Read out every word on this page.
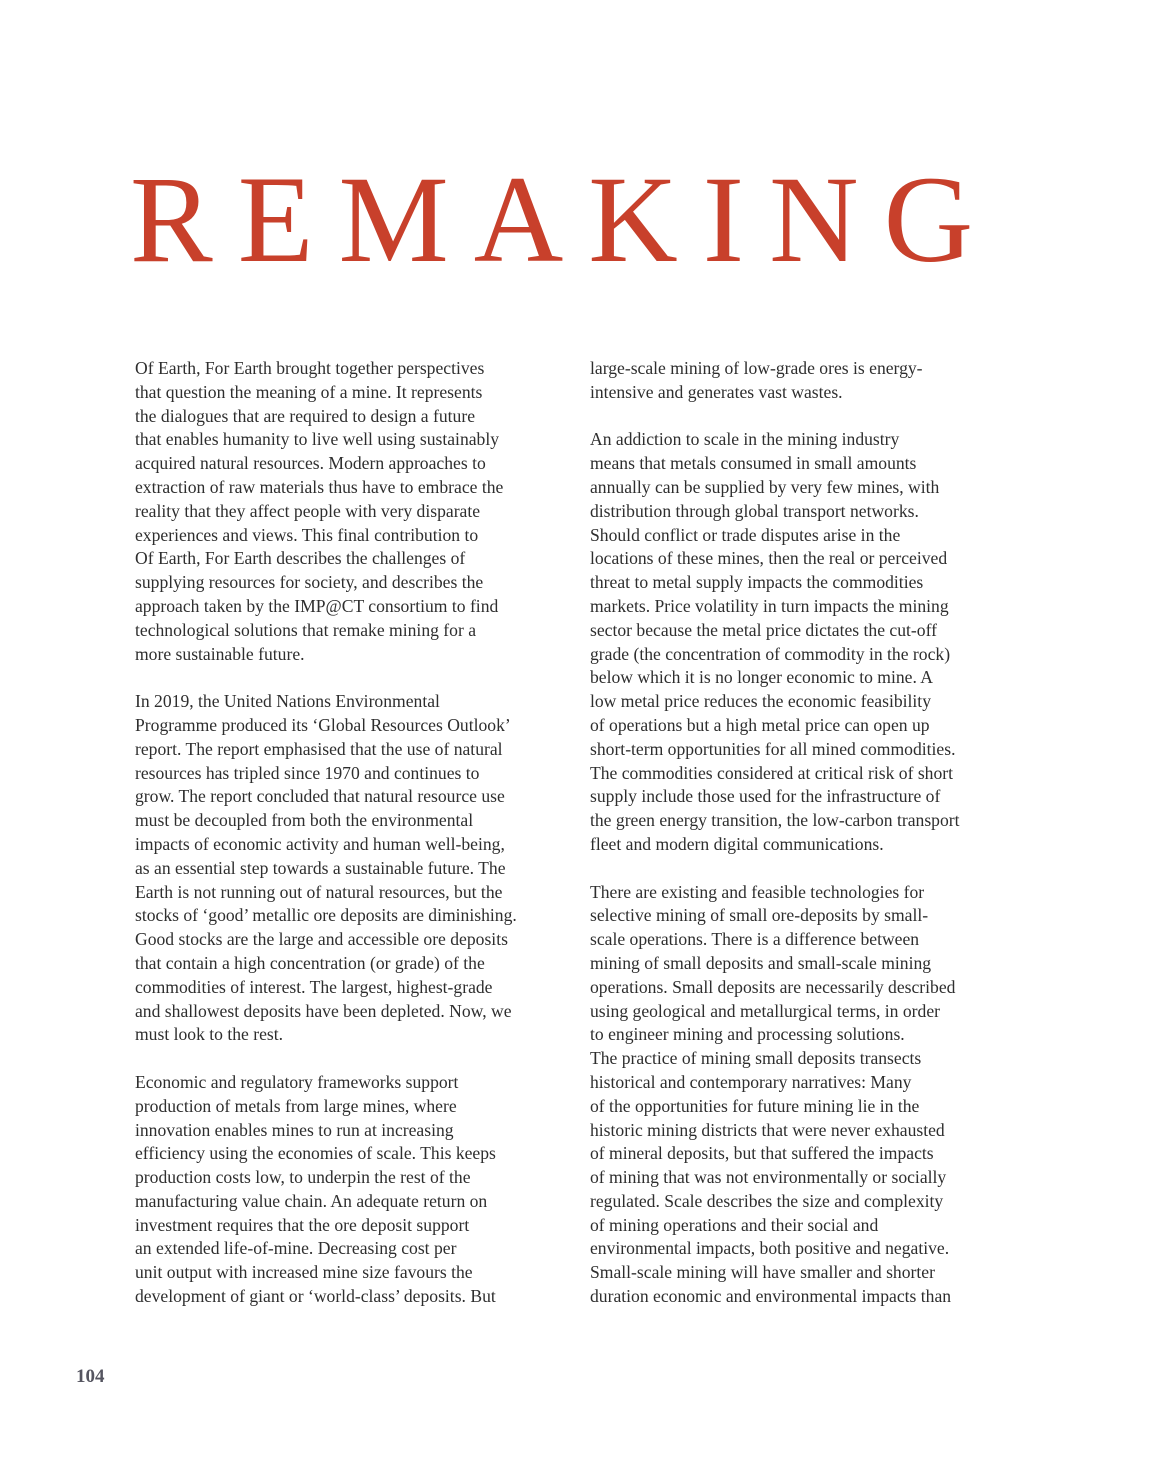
REMAKING

Of Earth, For Earth brought together perspectives
that question the meaning of a mine. It represents
the dialogues that are required to design a future
that enables humanity to live well using sustainably
acquired natural resources. Modern approaches to
extraction of raw materials thus have to embrace the
reality that they affect people with very disparate
experiences and views. This final contribution to
Of Earth, For Earth describes the challenges of
supplying resources for society, and describes the
approach taken by the IMP@CT consortium to find
technological solutions that remake mining for a
more sustainable future.

In 2019, the United Nations Environmental
Programme produced its ‘Global Resources Outlook’
report. The report emphasised that the use of natural
resources has tripled since 1970 and continues to
grow. The report concluded that natural resource use
must be decoupled from both the environmental
impacts of economic activity and human well-being,
as an essential step towards a sustainable future. The
Earth is not running out of natural resources, but the
stocks of ‘good’ metallic ore deposits are diminishing.
Good stocks are the large and accessible ore deposits
that contain a high concentration (or grade) of the
commodities of interest. The largest, highest-grade
and shallowest deposits have been depleted. Now, we
must look to the rest.

Economic and regulatory frameworks support
production of metals from large mines, where
innovation enables mines to run at increasing
efficiency using the economies of scale. This keeps
production costs low, to underpin the rest of the
manufacturing value chain. An adequate return on
investment requires that the ore deposit support
an extended life-of-mine. Decreasing cost per
unit output with increased mine size favours the
development of giant or ‘world-class’ deposits. But

large-scale mining of low-grade ores is energy-
intensive and generates vast wastes.

An addiction to scale in the mining industry
means that metals consumed in small amounts
annually can be supplied by very few mines, with
distribution through global transport networks.
Should conflict or trade disputes arise in the
locations of these mines, then the real or perceived
threat to metal supply impacts the commodities
markets. Price volatility in turn impacts the mining
sector because the metal price dictates the cut-off
grade (the concentration of commodity in the rock)
below which it is no longer economic to mine. A
low metal price reduces the economic feasibility
of operations but a high metal price can open up
short-term opportunities for all mined commodities.
The commodities considered at critical risk of short
supply include those used for the infrastructure of
the green energy transition, the low-carbon transport
fleet and modern digital communications.

There are existing and feasible technologies for
selective mining of small ore-deposits by small-
scale operations. There is a difference between
mining of small deposits and small-scale mining
operations. Small deposits are necessarily described
using geological and metallurgical terms, in order
to engineer mining and processing solutions.
The practice of mining small deposits transects
historical and contemporary narratives: Many
of the opportunities for future mining lie in the
historic mining districts that were never exhausted
of mineral deposits, but that suffered the impacts
of mining that was not environmentally or socially
regulated. Scale describes the size and complexity
of mining operations and their social and
environmental impacts, both positive and negative.
Small-scale mining will have smaller and shorter
duration economic and environmental impacts than

104
